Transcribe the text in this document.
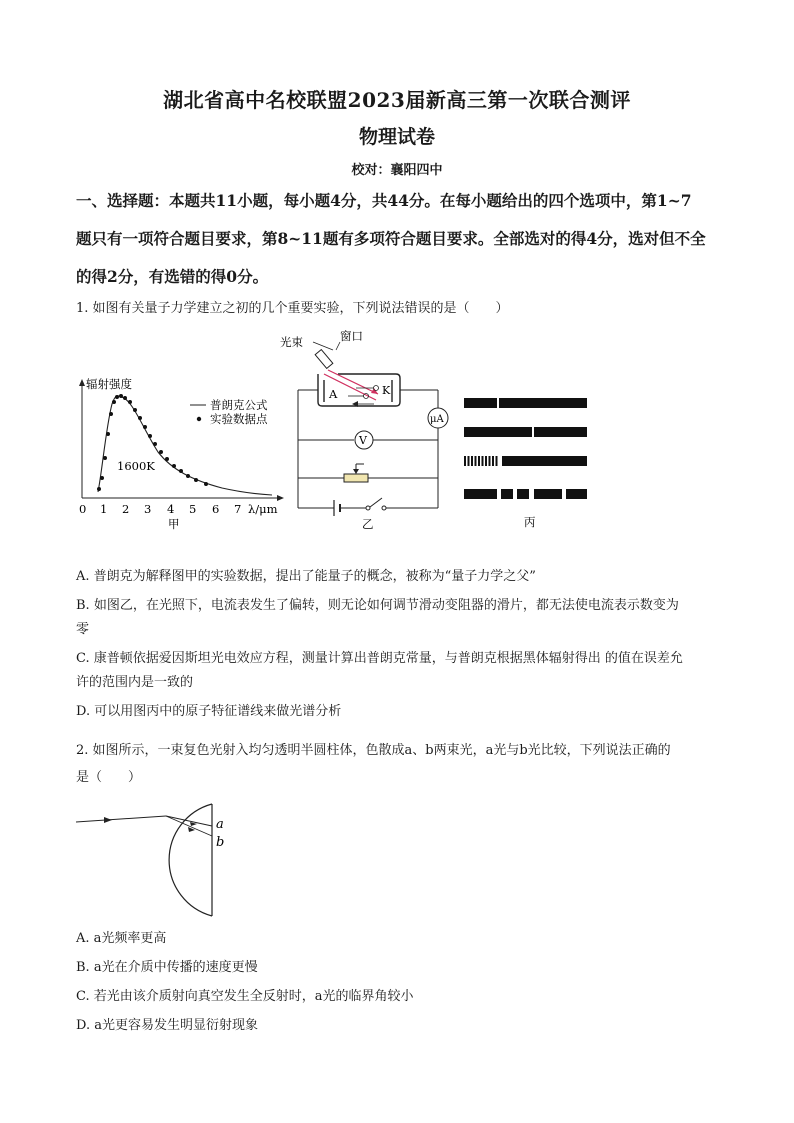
湖北省高中名校联盟2023届新高三第一次联合测评
物理试卷
校对：襄阳四中
一、选择题：本题共11小题，每小题4分，共44分。在每小题给出的四个选项中，第1~7
题只有一项符合题目要求，第8~11题有多项符合题目要求。全部选对的得4分，选对但不全
的得2分，有选错的得0分。
1. 如图有关量子力学建立之初的几个重要实验，下列说法错误的是（　　）
辐射强度
普朗克公式
实验数据点
1600K
0 1 2 3 4 5 6 7 λ/μm
甲
光束	窗口
A	K
μA
V
乙	丙
A. 普朗克为解释图甲的实验数据，提出了能量子的概念，被称为“量子力学之父”
B. 如图乙，在光照下，电流表发生了偏转，则无论如何调节滑动变阻器的滑片，都无法使电流表示数变为
零
C. 康普顿依据爱因斯坦光电效应方程，测量计算出普朗克常量，与普朗克根据黑体辐射得出 的值在误差允
许的范围内是一致的
D. 可以用图丙中的原子特征谱线来做光谱分析
2. 如图所示，一束复色光射入均匀透明半圆柱体，色散成a、b两束光，a光与b光比较，下列说法正确的
是（　　）
a
b
A. a光频率更高
B. a光在介质中传播的速度更慢
C. 若光由该介质射向真空发生全反射时，a光的临界角较小
D. a光更容易发生明显衍射现象
